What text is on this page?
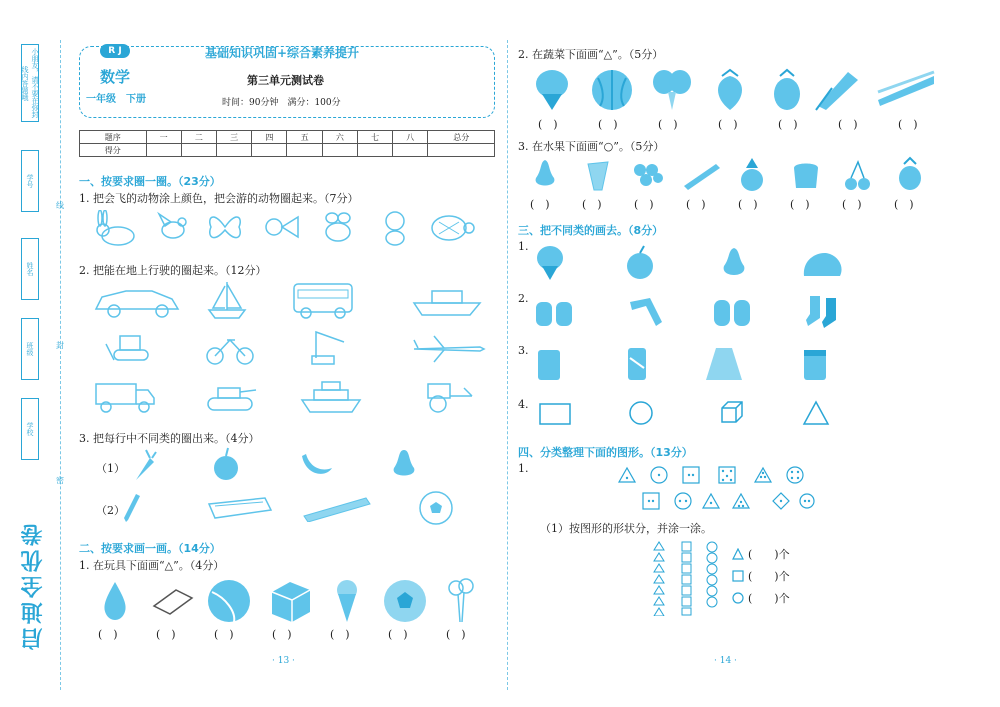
小朋友，请不要在弥封线内答题哦
学号
姓名
班级
学校
线
封
密
启迪全优卷
R J	基础知识巩固+综合素养提升
数学
一年级　下册
第三单元测试卷
时间：90分钟　满分：100分
题序	一	二	三	四	五	六	七	八	总分
得分									
一、按要求圈一圈。（23分）
1. 把会飞的动物涂上颜色，把会游的动物圈起来。（7分）
2. 把能在地上行驶的圈起来。（12分）
3. 把每行中不同类的圈出来。（4分）
（1）
（2）
二、按要求画一画。（14分）
1. 在玩具下面画“△”。（4分）
(　)	(　)	(　)	(　)	(　)	(　)	(　)
· 13 ·
2. 在蔬菜下面画“△”。（5分）
(　)	(　)	(　)	(　)	(　)	(　)	(　)
3. 在水果下面画“○”。（5分）
(　)	(　)	(　)	(　)	(　)	(　)	(　)	(　)
三、把不同类的画去。（8分）
1.
2.
3.
4.
四、分类整理下面的图形。（13分）
1.
（1）按图形的形状分，并涂一涂。
(　　)个
(　　)个
(　　)个
· 14 ·
